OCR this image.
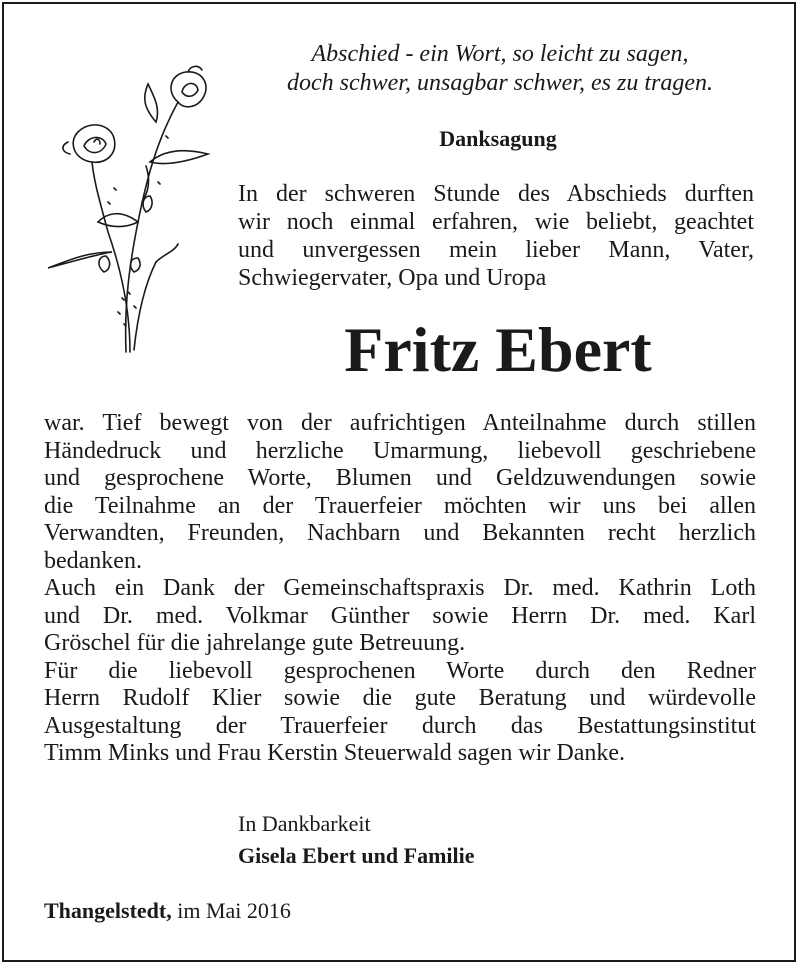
Abschied - ein Wort, so leicht zu sagen,
doch schwer, unsagbar schwer, es zu tragen.
Danksagung
In der schweren Stunde des Abschieds durften
wir noch einmal erfahren, wie beliebt, geachtet
und unvergessen mein lieber Mann, Vater,
Schwiegervater, Opa und Uropa
Fritz Ebert
war. Tief bewegt von der aufrichtigen Anteilnahme durch stillen
Händedruck und herzliche Umarmung, liebevoll geschriebene
und gesprochene Worte, Blumen und Geldzuwendungen sowie
die Teilnahme an der Trauerfeier möchten wir uns bei allen
Verwandten, Freunden, Nachbarn und Bekannten recht herzlich
bedanken.
Auch ein Dank der Gemeinschaftspraxis Dr. med. Kathrin Loth
und Dr. med. Volkmar Günther sowie Herrn Dr. med. Karl
Gröschel für die jahrelange gute Betreuung.
Für die liebevoll gesprochenen Worte durch den Redner
Herrn Rudolf Klier sowie die gute Beratung und würdevolle
Ausgestaltung der Trauerfeier durch das Bestattungsinstitut
Timm Minks und Frau Kerstin Steuerwald sagen wir Danke.
In Dankbarkeit
Gisela Ebert und Familie
Thangelstedt, im Mai 2016
